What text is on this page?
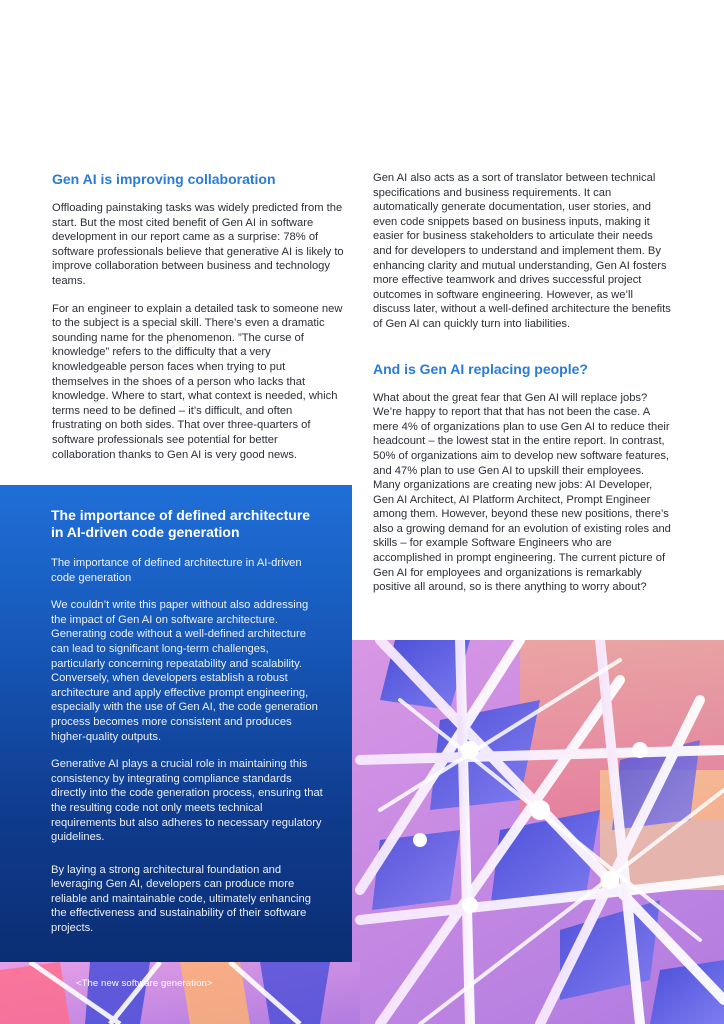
Gen AI is improving collaboration

Offloading painstaking tasks was widely predicted from the start. But the most cited benefit of Gen AI in software development in our report came as a surprise: 78% of software professionals believe that generative AI is likely to improve collaboration between business and technology teams.

For an engineer to explain a detailed task to someone new to the subject is a special skill. There’s even a dramatic sounding name for the phenomenon. ”The curse of knowledge” refers to the difficulty that a very knowledgeable person faces when trying to put themselves in the shoes of a person who lacks that knowledge. Where to start, what context is needed, which terms need to be defined – it’s difficult, and often frustrating on both sides. That over three-quarters of software professionals see potential for better collaboration thanks to Gen AI is very good news.

Gen AI also acts as a sort of translator between technical specifications and business requirements. It can automatically generate documentation, user stories, and even code snippets based on business inputs, making it easier for business stakeholders to articulate their needs and for developers to understand and implement them. By enhancing clarity and mutual understanding, Gen AI fosters more effective teamwork and drives successful project outcomes in software engineering. However, as we’ll discuss later, without a well-defined architecture the benefits of Gen AI can quickly turn into liabilities.

And is Gen AI replacing people?

What about the great fear that Gen AI will replace jobs? We’re happy to report that that has not been the case. A mere 4% of organizations plan to use Gen AI to reduce their headcount – the lowest stat in the entire report. In contrast, 50% of organizations aim to develop new software features, and 47% plan to use Gen AI to upskill their employees. Many organizations are creating new jobs: AI Developer, Gen AI Architect, AI Platform Architect, Prompt Engineer among them. However, beyond these new positions, there’s also a growing demand for an evolution of existing roles and skills – for example Software Engineers who are accomplished in prompt engineering. The current picture of Gen AI for employees and organizations is remarkably positive all around, so is there anything to worry about?

The importance of defined architecture in AI-driven code generation

The importance of defined architecture in AI-driven code generation

We couldn’t write this paper without also addressing the impact of Gen AI on software architecture. Generating code without a well-defined architecture can lead to significant long-term challenges, particularly concerning repeatability and scalability. Conversely, when developers establish a robust architecture and apply effective prompt engineering, especially with the use of Gen AI, the code generation process becomes more consistent and produces higher-quality outputs.

Generative AI plays a crucial role in maintaining this consistency by integrating compliance standards directly into the code generation process, ensuring that the resulting code not only meets technical requirements but also adheres to necessary regulatory guidelines.

By laying a strong architectural foundation and leveraging Gen AI, developers can produce more reliable and maintainable code, ultimately enhancing the effectiveness and sustainability of their software projects.

<The new software generation>
